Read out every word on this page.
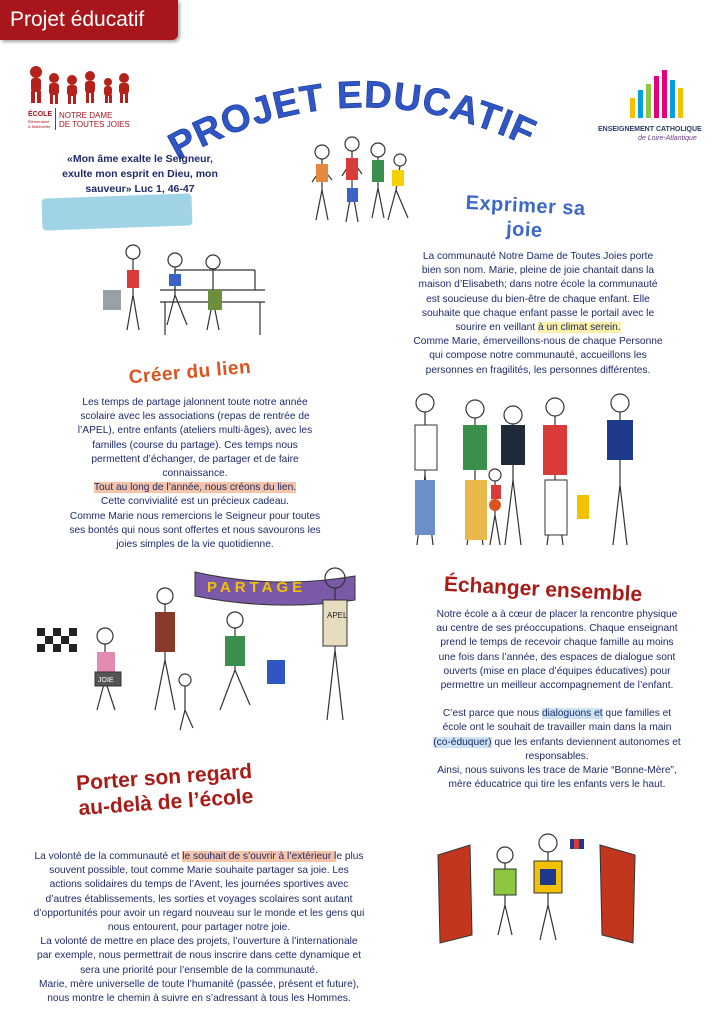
Projet éducatif
ÉCOLE
Élémentaire & Maternelle
NOTRE DAME
DE TOUTES JOIES
ENSEIGNEMENT CATHOLIQUE
de Loire-Atlantique
PROJET EDUCATIF
«Mon âme exalte le Seigneur,
exulte mon esprit en Dieu, mon
sauveur» Luc 1, 46-47
Exprimer sa
joie
La communauté Notre Dame de Toutes Joies porte
bien son nom. Marie, pleine de joie chantait dans la
maison d’Elisabeth; dans notre école la communauté
est soucieuse du bien-être de chaque enfant. Elle
souhaite que chaque enfant passe le portail avec le
sourire en veillant à un climat serein.
Comme Marie, émerveillons-nous de chaque Personne
qui compose notre communauté, accueillons les
personnes en fragilités, les personnes différentes.
Créer du lien
Les temps de partage jalonnent toute notre année
scolaire avec les associations (repas de rentrée de
l’APEL), entre enfants (ateliers multi-âges), avec les
familles (course du partage). Ces temps nous
permettent d’échanger, de partager et de faire
connaissance.
Tout au long de l’année, nous créons du lien.
Cette convivialité est un précieux cadeau.
Comme Marie nous remercions le Seigneur pour toutes
ses bontés qui nous sont offertes et nous savourons les
joies simples de la vie quotidienne.
PARTAGE
APEL
JOIE
Échanger ensemble
Notre école a à cœur de placer la rencontre physique
au centre de ses préoccupations. Chaque enseignant
prend le temps de recevoir chaque famille au moins
une fois dans l’année, des espaces de dialogue sont
ouverts (mise en place d’équipes éducatives) pour
permettre un meilleur accompagnement de l’enfant.
C’est parce que nous dialoguons et que familles et
école ont le souhait de travailler main dans la main
(co-éduquer) que les enfants deviennent autonomes et
responsables.
Ainsi, nous suivons les trace de Marie “Bonne-Mère”,
mère éducatrice qui tire les enfants vers le haut.
Porter son regard
au-delà de l’école
La volonté de la communauté et le souhait de s’ouvrir à l’extérieur le plus
souvent possible, tout comme Marie souhaite partager sa joie. Les
actions solidaires du temps de l’Avent, les journées sportives avec
d’autres établissements, les sorties et voyages scolaires sont autant
d’opportunités pour avoir un regard nouveau sur le monde et les gens qui
nous entourent, pour partager notre joie.
La volonté de mettre en place des projets, l’ouverture à l’internationale
par exemple, nous permettrait de nous inscrire dans cette dynamique et
sera une priorité pour l’ensemble de la communauté.
Marie, mère universelle de toute l’humanité (passée, présent et future),
nous montre le chemin à suivre en s’adressant à tous les Hommes.
